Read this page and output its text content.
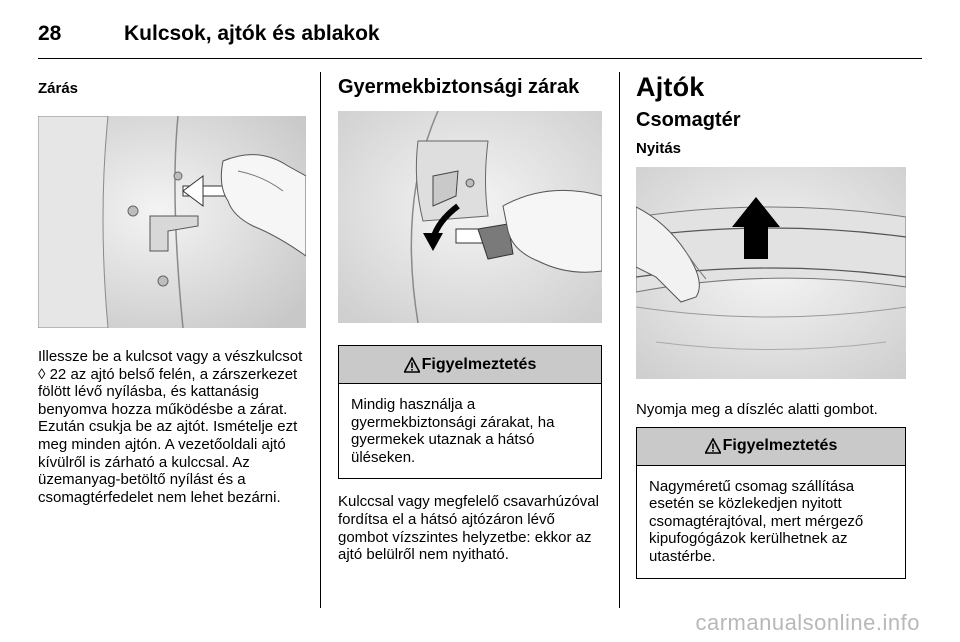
28	Kulcsok, ajtók és ablakok
Zárás

Illessze be a kulcsot vagy a vészkulcsot ◊ 22 az ajtó belső felén, a zárszerkezet fölött lévő nyílásba, és kattanásig benyomva hozza működésbe a zárat. Ezután csukja be az ajtót. Ismételje ezt meg minden ajtón. A vezetőoldali ajtó kívülről is zárható a kulccsal. Az üzemanyag-betöltő nyílást és a csomagtérfedelet nem lehet bezárni.

Gyermekbiztonsági zárak
Figyelmeztetés
Mindig használja a gyermekbiztonsági zárakat, ha gyermekek utaznak a hátsó üléseken.

Kulccsal vagy megfelelő csavarhúzóval fordítsa el a hátsó ajtózáron lévő gombot vízszintes helyzetbe: ekkor az ajtó belülről nem nyitható.

Ajtók
Csomagtér
Nyitás

Nyomja meg a díszléc alatti gombot.

Figyelmeztetés
Nagyméretű csomag szállítása esetén se közlekedjen nyitott csomagtérajtóval, mert mérgező kipufogógázok kerülhetnek az utastérbe.
carmanualsonline.info
